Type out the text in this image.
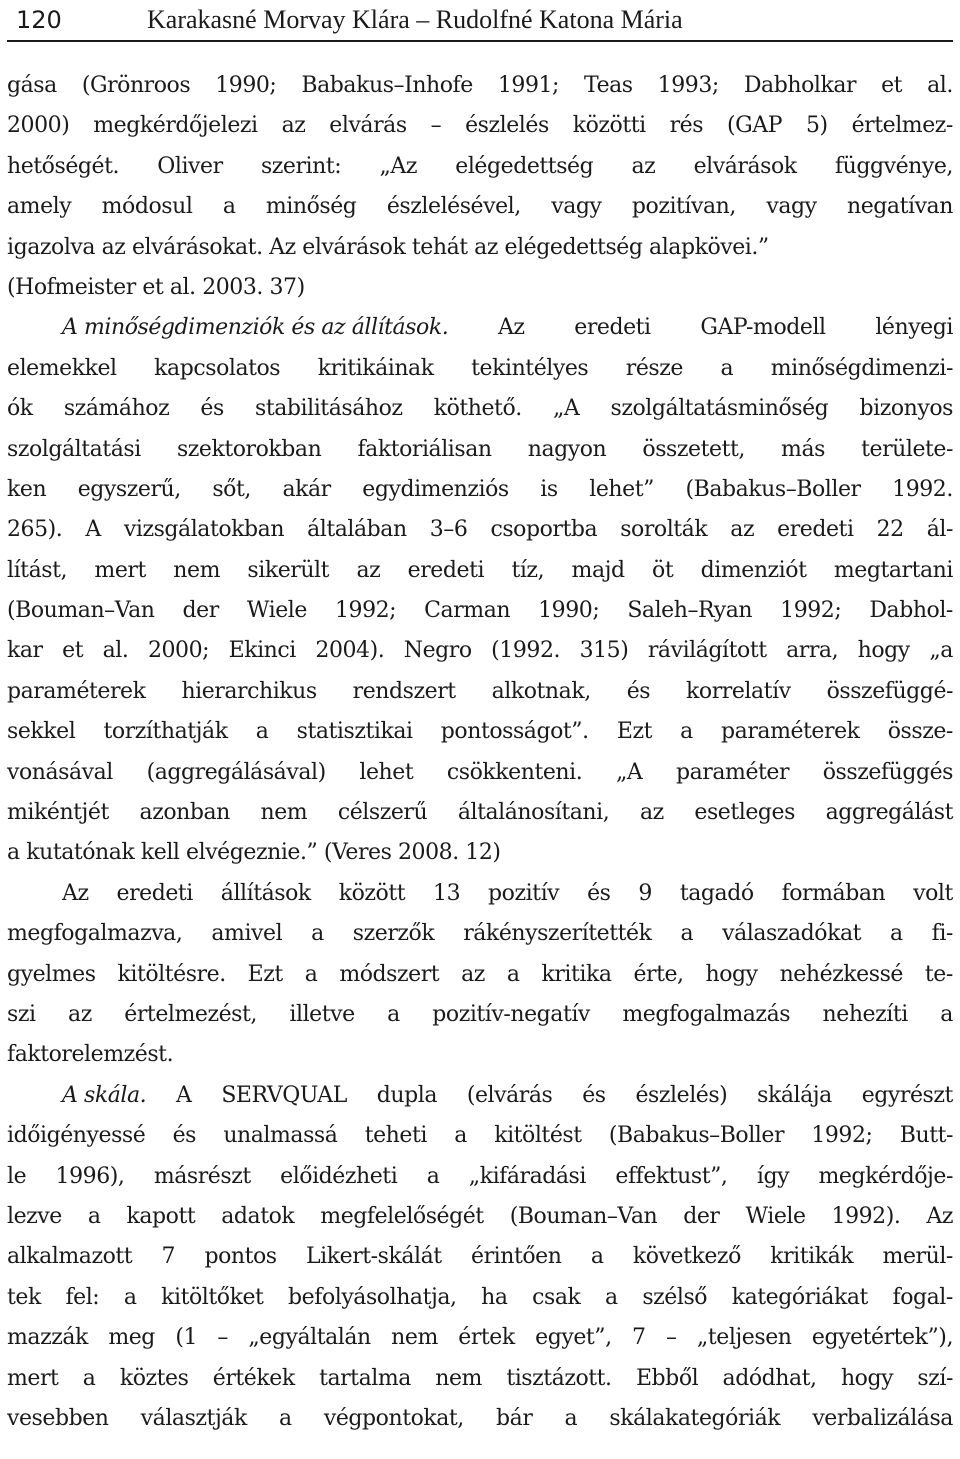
120	Karakasné Morvay Klára – Rudolfné Katona Mária
gása (Grönroos 1990; Babakus–Inhofe 1991; Teas 1993; Dabholkar et al.
2000) megkérdőjelezi az elvárás – észlelés közötti rés (GAP 5) értelmez-
hetőségét. Oliver szerint: „Az elégedettség az elvárások függvénye,
amely módosul a minőség észlelésével, vagy pozitívan, vagy negatívan
igazolva az elvárásokat. Az elvárások tehát az elégedettség alapkövei.”
(Hofmeister et al. 2003. 37)
A minőségdimenziók és az állítások. Az eredeti GAP-modell lényegi
elemekkel kapcsolatos kritikáinak tekintélyes része a minőségdimenzi-
ók számához és stabilitásához köthető. „A szolgáltatásminőség bizonyos
szolgáltatási szektorokban faktoriálisan nagyon összetett, más területe-
ken egyszerű, sőt, akár egydimenziós is lehet” (Babakus–Boller 1992.
265). A vizsgálatokban általában 3–6 csoportba sorolták az eredeti 22 ál-
lítást, mert nem sikerült az eredeti tíz, majd öt dimenziót megtartani
(Bouman–Van der Wiele 1992; Carman 1990; Saleh–Ryan 1992; Dabhol-
kar et al. 2000; Ekinci 2004). Negro (1992. 315) rávilágított arra, hogy „a
paraméterek hierarchikus rendszert alkotnak, és korrelatív összefüggé-
sekkel torzíthatják a statisztikai pontosságot”. Ezt a paraméterek össze-
vonásával (aggregálásával) lehet csökkenteni. „A paraméter összefüggés
mikéntjét azonban nem célszerű általánosítani, az esetleges aggregálást
a kutatónak kell elvégeznie.” (Veres 2008. 12)
Az eredeti állítások között 13 pozitív és 9 tagadó formában volt
megfogalmazva, amivel a szerzők rákényszerítették a válaszadókat a fi-
gyelmes kitöltésre. Ezt a módszert az a kritika érte, hogy nehézkessé te-
szi az értelmezést, illetve a pozitív-negatív megfogalmazás nehezíti a
faktorelemzést.
A skála. A SERVQUAL dupla (elvárás és észlelés) skálája egyrészt
időigényessé és unalmassá teheti a kitöltést (Babakus–Boller 1992; Butt-
le 1996), másrészt előidézheti a „kifáradási effektust”, így megkérdője-
lezve a kapott adatok megfelelőségét (Bouman–Van der Wiele 1992). Az
alkalmazott 7 pontos Likert-skálát érintően a következő kritikák merül-
tek fel: a kitöltőket befolyásolhatja, ha csak a szélső kategóriákat fogal-
mazzák meg (1 – „egyáltalán nem értek egyet”, 7 – „teljesen egyetértek”),
mert a köztes értékek tartalma nem tisztázott. Ebből adódhat, hogy szí-
vesebben választják a végpontokat, bár a skálakategóriák verbalizálása
